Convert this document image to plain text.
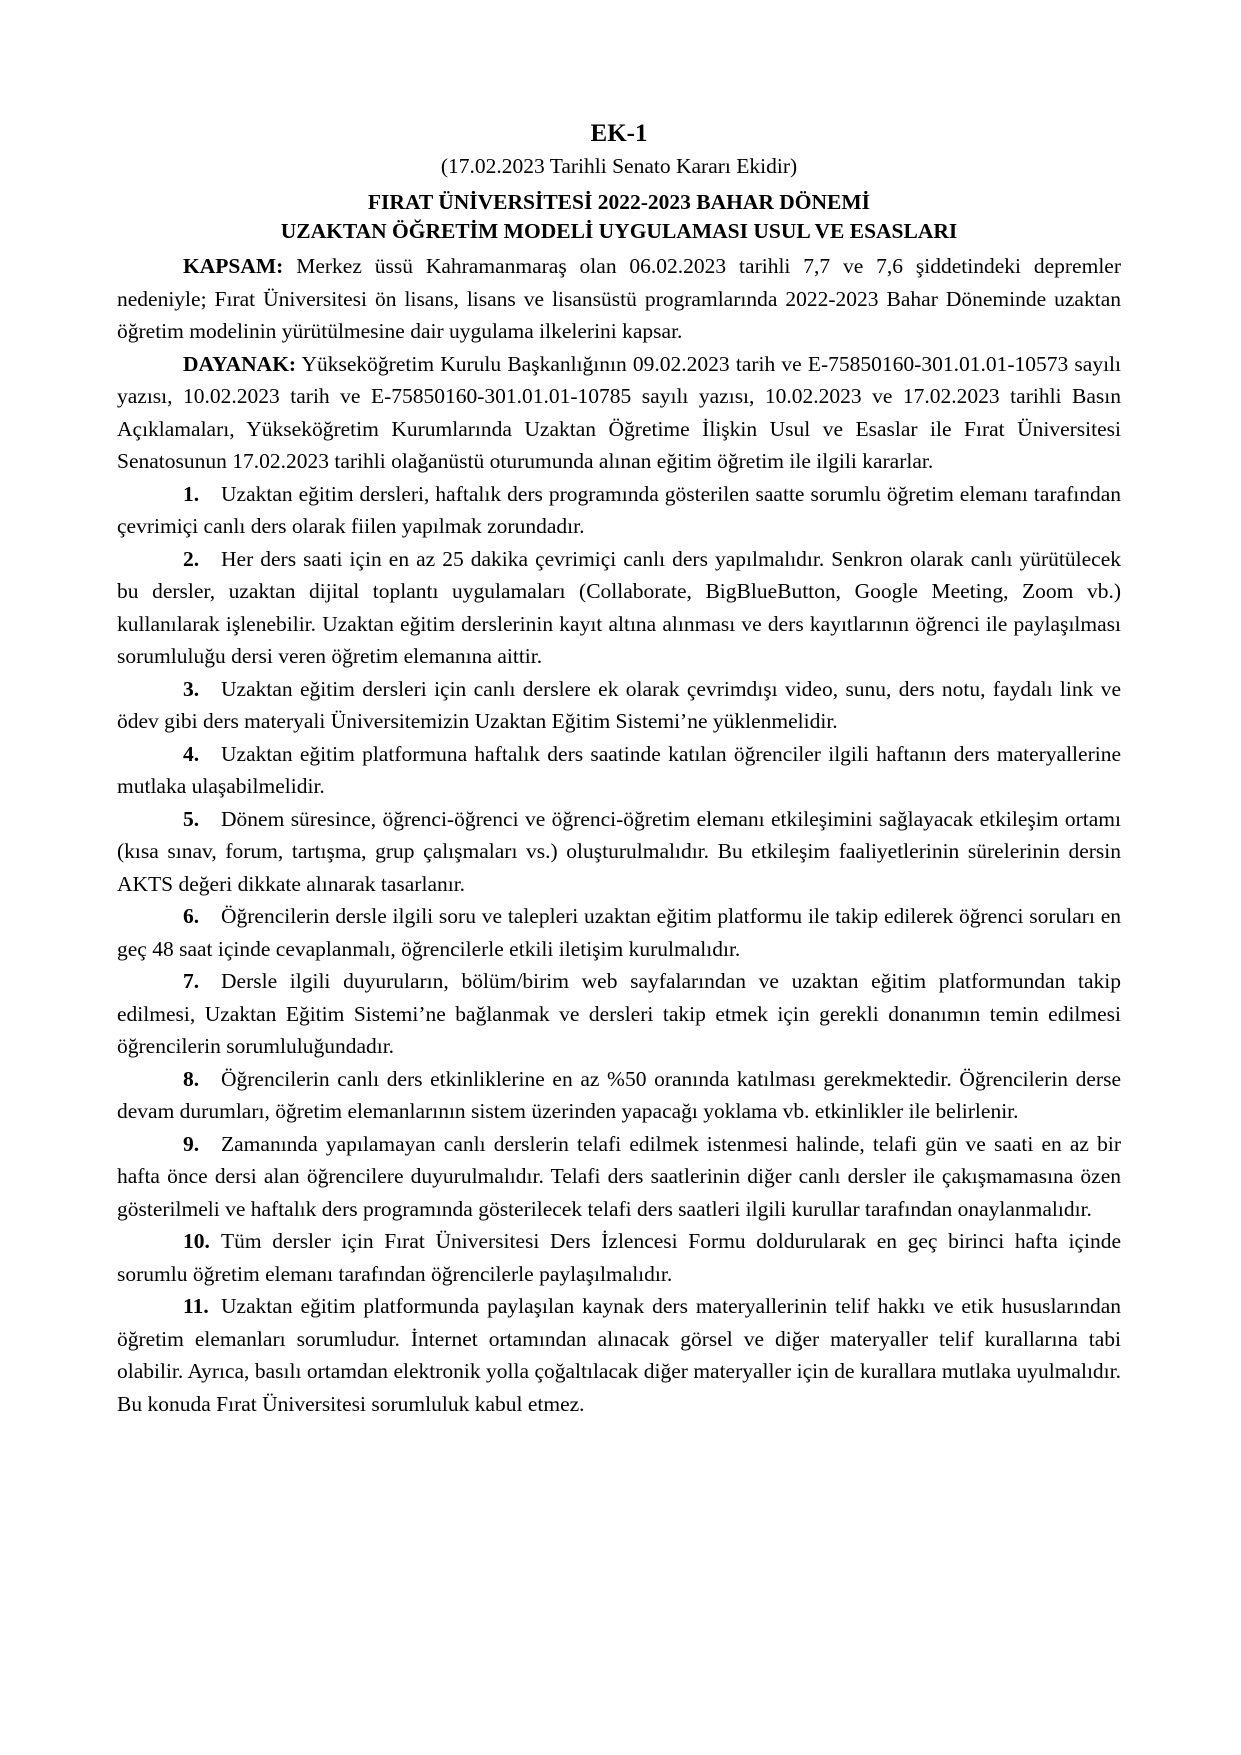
EK-1
(17.02.2023 Tarihli Senato Kararı Ekidir)
FIRAT ÜNİVERSİTESİ 2022-2023 BAHAR DÖNEMİ
UZAKTAN ÖĞRETİM MODELİ UYGULAMASI USUL VE ESASLARI

KAPSAM: Merkez üssü Kahramanmaraş olan 06.02.2023 tarihli 7,7 ve 7,6 şiddetindeki depremler nedeniyle; Fırat Üniversitesi ön lisans, lisans ve lisansüstü programlarında 2022-2023 Bahar Döneminde uzaktan öğretim modelinin yürütülmesine dair uygulama ilkelerini kapsar.

DAYANAK: Yükseköğretim Kurulu Başkanlığının 09.02.2023 tarih ve E-75850160-301.01.01-10573 sayılı yazısı, 10.02.2023 tarih ve E-75850160-301.01.01-10785 sayılı yazısı, 10.02.2023 ve 17.02.2023 tarihli Basın Açıklamaları, Yükseköğretim Kurumlarında Uzaktan Öğretime İlişkin Usul ve Esaslar ile Fırat Üniversitesi Senatosunun 17.02.2023 tarihli olağanüstü oturumunda alınan eğitim öğretim ile ilgili kararlar.

1. Uzaktan eğitim dersleri, haftalık ders programında gösterilen saatte sorumlu öğretim elemanı tarafından çevrimiçi canlı ders olarak fiilen yapılmak zorundadır.

2. Her ders saati için en az 25 dakika çevrimiçi canlı ders yapılmalıdır. Senkron olarak canlı yürütülecek bu dersler, uzaktan dijital toplantı uygulamaları (Collaborate, BigBlueButton, Google Meeting, Zoom vb.) kullanılarak işlenebilir. Uzaktan eğitim derslerinin kayıt altına alınması ve ders kayıtlarının öğrenci ile paylaşılması sorumluluğu dersi veren öğretim elemanına aittir.

3. Uzaktan eğitim dersleri için canlı derslere ek olarak çevrimdışı video, sunu, ders notu, faydalı link ve ödev gibi ders materyali Üniversitemizin Uzaktan Eğitim Sistemi’ne yüklenmelidir.

4. Uzaktan eğitim platformuna haftalık ders saatinde katılan öğrenciler ilgili haftanın ders materyallerine mutlaka ulaşabilmelidir.

5. Dönem süresince, öğrenci-öğrenci ve öğrenci-öğretim elemanı etkileşimini sağlayacak etkileşim ortamı (kısa sınav, forum, tartışma, grup çalışmaları vs.) oluşturulmalıdır. Bu etkileşim faaliyetlerinin sürelerinin dersin AKTS değeri dikkate alınarak tasarlanır.

6. Öğrencilerin dersle ilgili soru ve talepleri uzaktan eğitim platformu ile takip edilerek öğrenci soruları en geç 48 saat içinde cevaplanmalı, öğrencilerle etkili iletişim kurulmalıdır.

7. Dersle ilgili duyuruların, bölüm/birim web sayfalarından ve uzaktan eğitim platformundan takip edilmesi, Uzaktan Eğitim Sistemi’ne bağlanmak ve dersleri takip etmek için gerekli donanımın temin edilmesi öğrencilerin sorumluluğundadır.

8. Öğrencilerin canlı ders etkinliklerine en az %50 oranında katılması gerekmektedir. Öğrencilerin derse devam durumları, öğretim elemanlarının sistem üzerinden yapacağı yoklama vb. etkinlikler ile belirlenir.

9. Zamanında yapılamayan canlı derslerin telafi edilmek istenmesi halinde, telafi gün ve saati en az bir hafta önce dersi alan öğrencilere duyurulmalıdır. Telafi ders saatlerinin diğer canlı dersler ile çakışmamasına özen gösterilmeli ve haftalık ders programında gösterilecek telafi ders saatleri ilgili kurullar tarafından onaylanmalıdır.

10. Tüm dersler için Fırat Üniversitesi Ders İzlencesi Formu doldurularak en geç birinci hafta içinde sorumlu öğretim elemanı tarafından öğrencilerle paylaşılmalıdır.

11. Uzaktan eğitim platformunda paylaşılan kaynak ders materyallerinin telif hakkı ve etik hususlarından öğretim elemanları sorumludur. İnternet ortamından alınacak görsel ve diğer materyaller telif kurallarına tabi olabilir. Ayrıca, basılı ortamdan elektronik yolla çoğaltılacak diğer materyaller için de kurallara mutlaka uyulmalıdır. Bu konuda Fırat Üniversitesi sorumluluk kabul etmez.
